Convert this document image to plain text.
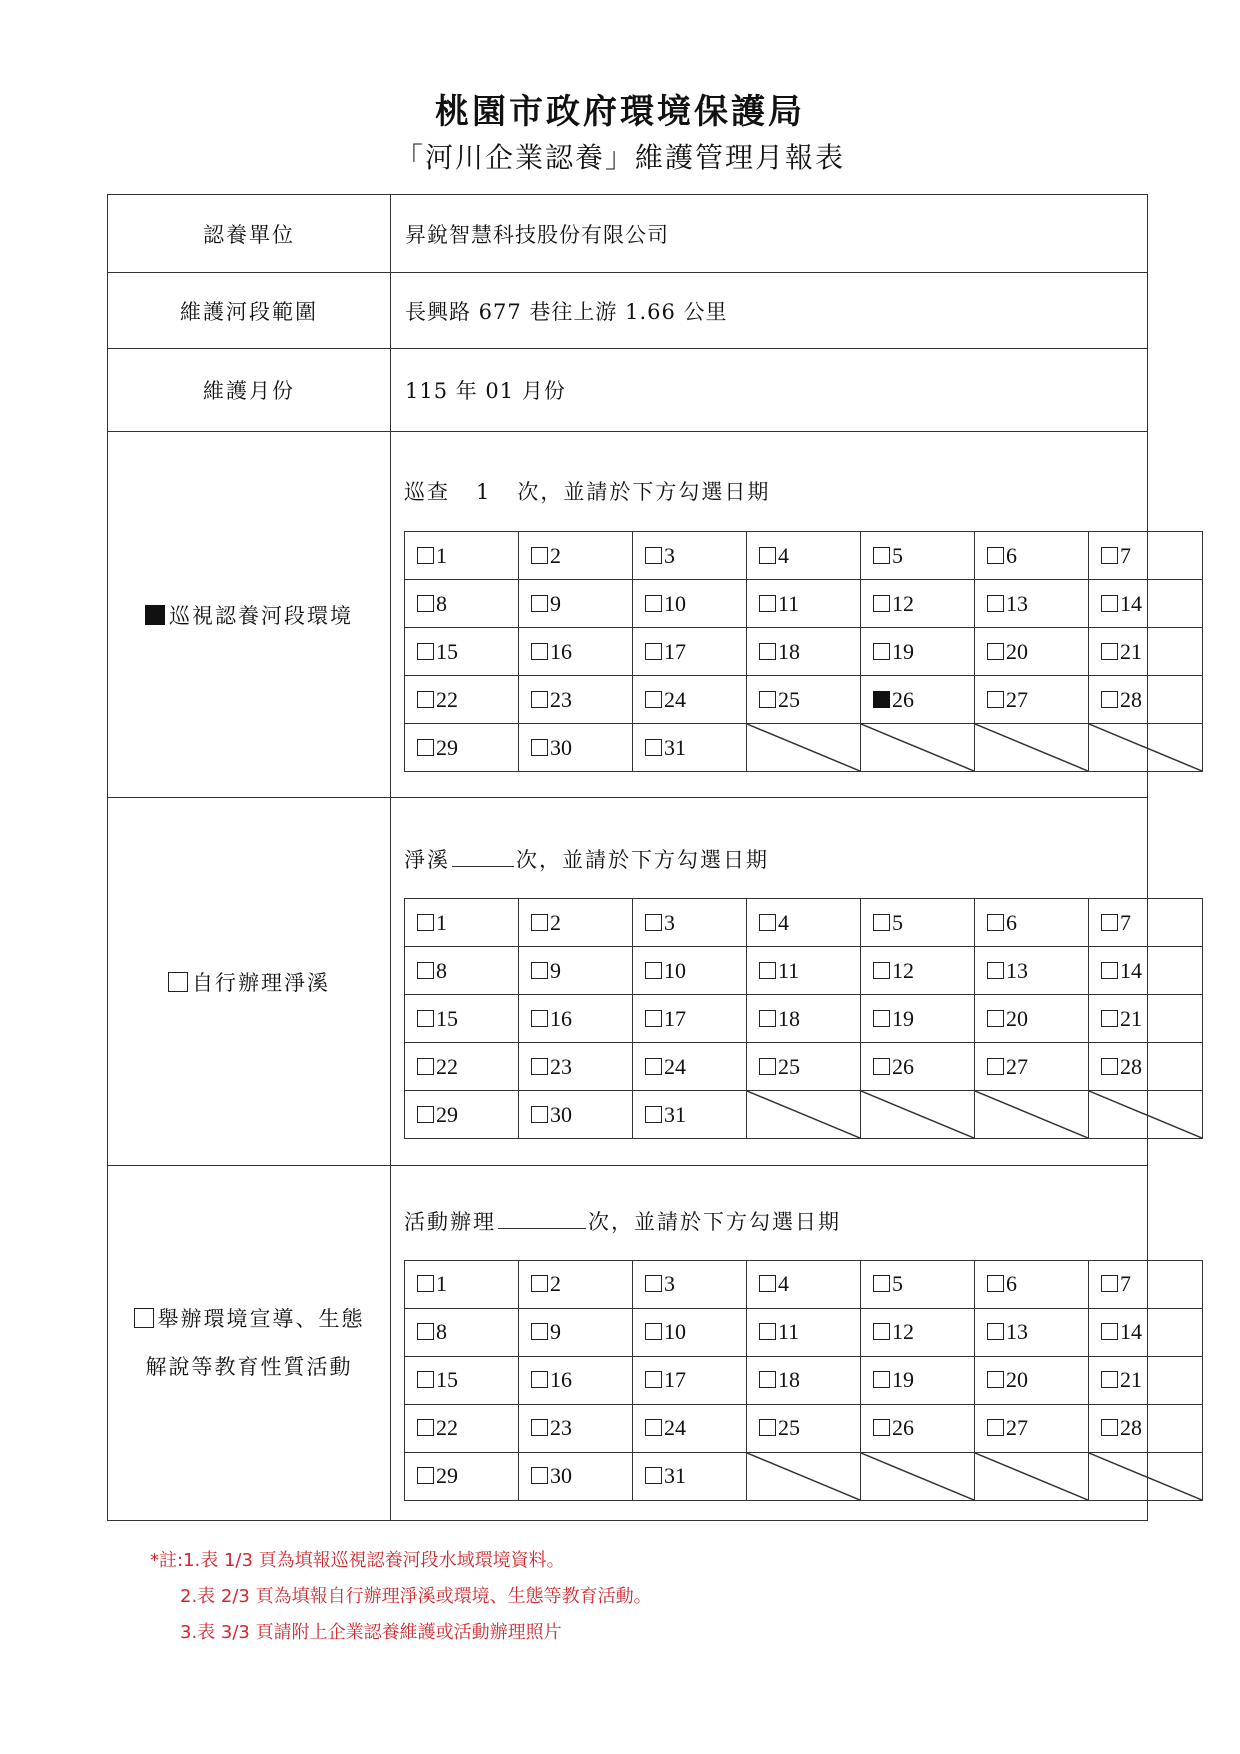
桃園市政府環境保護局
「河川企業認養」維護管理月報表
認養單位	昇銳智慧科技股份有限公司
維護河段範圍	長興路 677 巷往上游 1.66 公里
維護月份	115 年 01 月份

巡視認養河段環境

巡查   1   次，並請於下方勾選日期
1	2	3	4	5	6	7
8	9	10	11	12	13	14
15	16	17	18	19	20	21
22	23	24	25	26	27	28
29	30	31	

自行辦理淨溪

淨溪	次，並請於下方勾選日期
1	2	3	4	5	6	7
8	9	10	11	12	13	14
15	16	17	18	19	20	21
22	23	24	25	26	27	28
29	30	31	

舉辦環境宣導、生態
解說等教育性質活動

活動辦理	次，並請於下方勾選日期
1	2	3	4	5	6	7
8	9	10	11	12	13	14
15	16	17	18	19	20	21
22	23	24	25	26	27	28
29	30	31	

*註:1.表 1/3 頁為填報巡視認養河段水域環境資料。
2.表 2/3 頁為填報自行辦理淨溪或環境、生態等教育活動。
3.表 3/3 頁請附上企業認養維護或活動辦理照片
